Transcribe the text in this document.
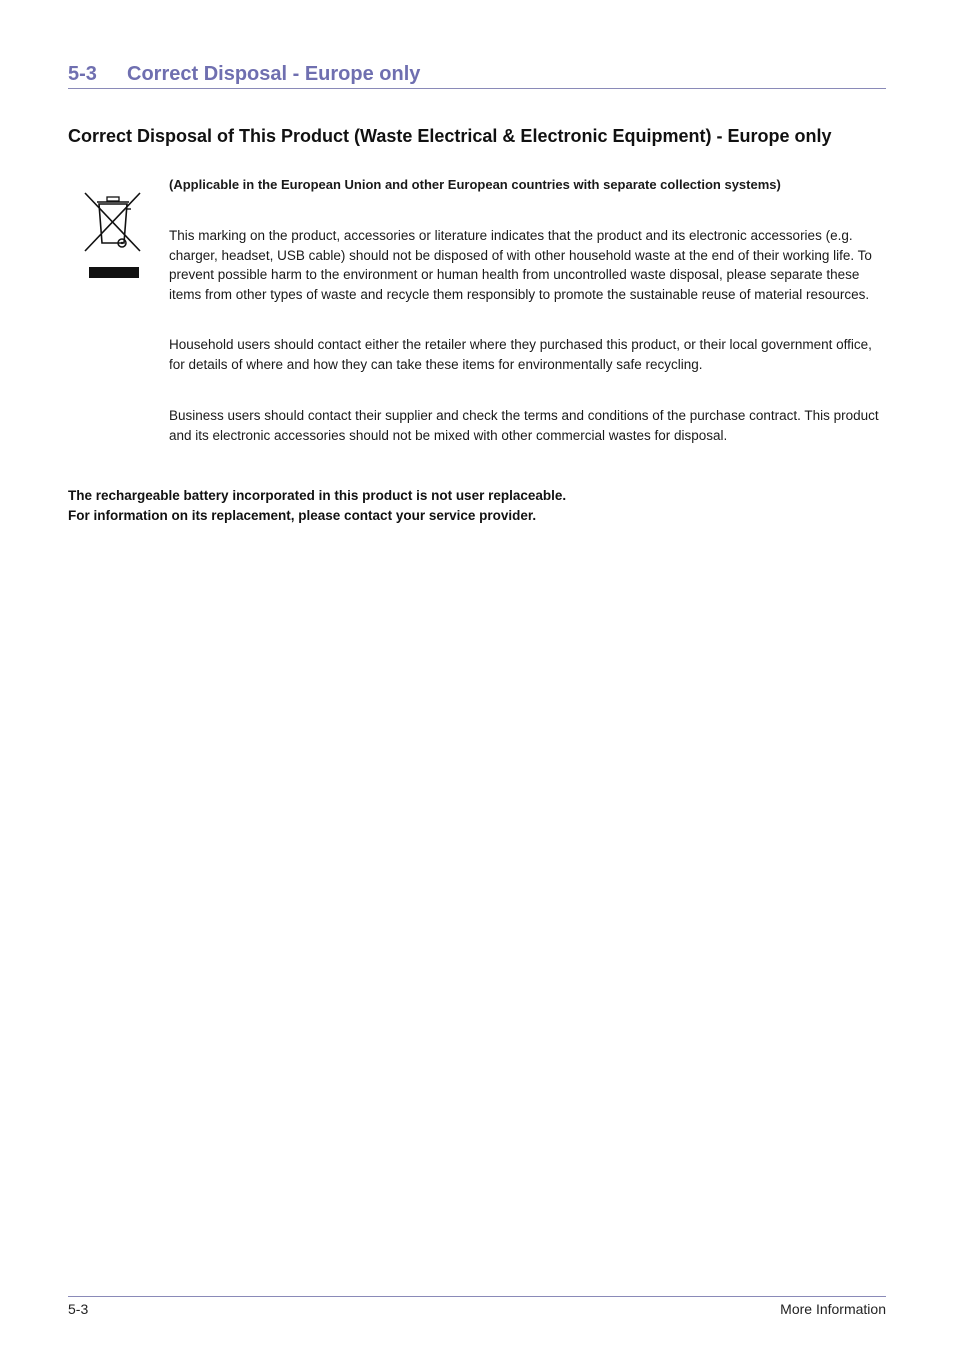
5-3 Correct Disposal - Europe only
Correct Disposal of This Product (Waste Electrical & Electronic Equipment) - Europe only
(Applicable in the European Union and other European countries with separate collection systems)
This marking on the product, accessories or literature indicates that the product and its electronic accessories (e.g. charger, headset, USB cable) should not be disposed of with other household waste at the end of their working life. To prevent possible harm to the environment or human health from uncontrolled waste disposal, please separate these items from other types of waste and recycle them responsibly to promote the sustainable reuse of material resources.
Household users should contact either the retailer where they purchased this product, or their local government office, for details of where and how they can take these items for environmentally safe recycling.
Business users should contact their supplier and check the terms and conditions of the purchase contract. This product and its electronic accessories should not be mixed with other commercial wastes for disposal.
The rechargeable battery incorporated in this product is not user replaceable.
For information on its replacement, please contact your service provider.
5-3	More Information
